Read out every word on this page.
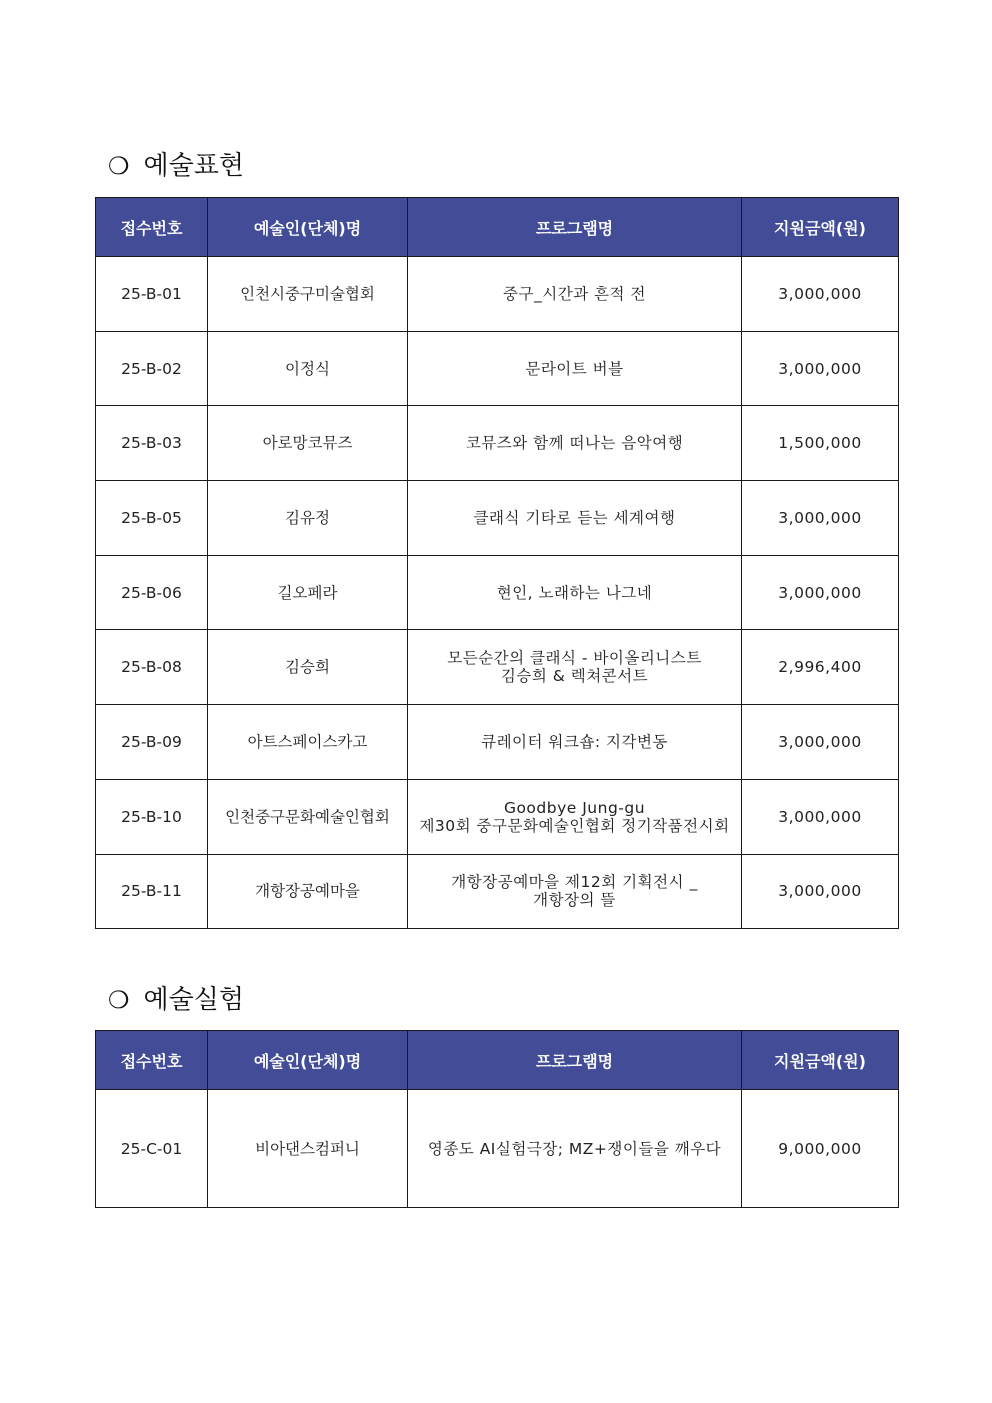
❍ 예술표현
접수번호	예술인(단체)명	프로그램명	지원금액(원)
25-B-01	인천시중구미술협회	중구_시간과 흔적 전	3,000,000
25-B-02	이정식	문라이트 버블	3,000,000
25-B-03	아로망코뮤즈	코뮤즈와 함께 떠나는 음악여행	1,500,000
25-B-05	김유정	클래식 기타로 듣는 세계여행	3,000,000
25-B-06	길오페라	현인, 노래하는 나그네	3,000,000
25-B-08	김승희	모든순간의 클래식 - 바이올리니스트
김승희 & 렉쳐콘서트	2,996,400
25-B-09	아트스페이스카고	큐레이터 워크숍: 지각변동	3,000,000
25-B-10	인천중구문화예술인협회	Goodbye Jung-gu
제30회 중구문화예술인협회 정기작품전시회	3,000,000
25-B-11	개항장공예마을	개항장공예마을 제12회 기획전시 _
개항장의 뜰	3,000,000
❍ 예술실험
접수번호	예술인(단체)명	프로그램명	지원금액(원)
25-C-01	비아댄스컴퍼니	영종도 AI실험극장; MZ+쟁이들을 깨우다	9,000,000
